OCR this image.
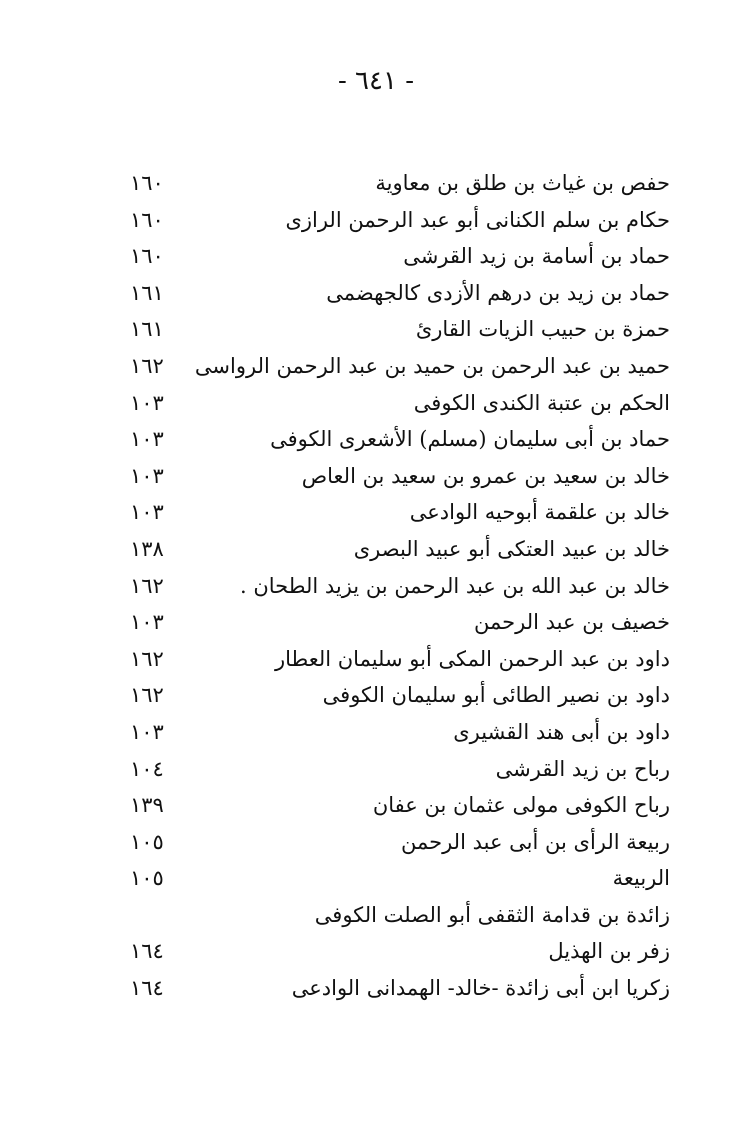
- ٦٤١ -
حفص بن غياث بن طلق بن معاوية
١٦٠
حكام بن سلم الكنانى أبو عبد الرحمن الرازى
١٦٠
حماد بن أسامة بن زيد القرشى
١٦٠
حماد بن زيد بن درهم الأزدى كالجهضمى
١٦١
حمزة بن حبيب الزيات القارئ
١٦١
حميد بن عبد الرحمن بن حميد بن عبد الرحمن الرواسى
١٦٢
الحكم بن عتبة الكندى الكوفى
١٠٣
حماد بن أبى سليمان (مسلم) الأشعرى الكوفى
١٠٣
خالد بن سعيد بن عمرو بن سعيد بن العاص
١٠٣
خالد بن علقمة أبوحيه الوادعى
١٠٣
خالد بن عبيد العتكى أبو عبيد البصرى
١٣٨
خالد بن عبد الله بن عبد الرحمن بن يزيد الطحان .
١٦٢
خصيف بن عبد الرحمن
١٠٣
داود بن عبد الرحمن المكى أبو سليمان العطار
١٦٢
داود بن نصير الطائى أبو سليمان الكوفى
١٦٢
داود بن أبى هند القشيرى
١٠٣
رباح بن زيد القرشى
١٠٤
رباح الكوفى مولى عثمان بن عفان
١٣٩
ربيعة الرأى بن أبى عبد الرحمن
١٠٥
الربيعة
١٠٥
زائدة بن قدامة الثقفى أبو الصلت الكوفى
زفر بن الهذيل
١٦٤
زكريا ابن أبى زائدة -خالد- الهمدانى الوادعى
١٦٤
